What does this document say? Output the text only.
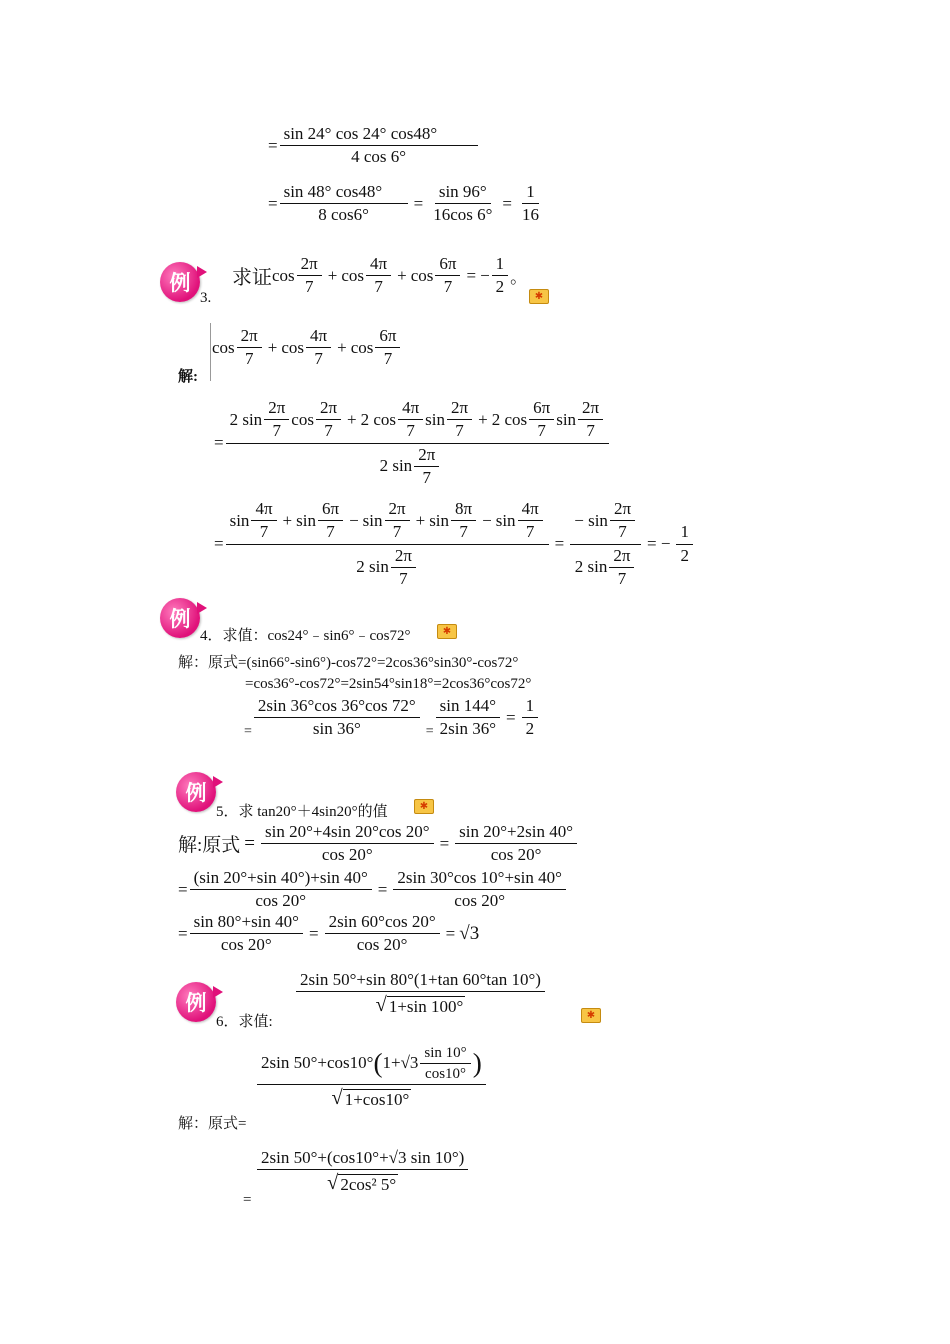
= $\frac{\sin 24^\circ \cos 24^\circ \cos 48^\circ}{4 \cos 6^\circ}$
= $\frac{\sin 48^\circ \cos 48^\circ}{8 \cos 6^\circ} = \frac{\sin 96^\circ}{16\cos 6^\circ} = \frac{1}{16}$
例
3.
求证 $\cos \frac{2\pi}{7} + \cos \frac{4\pi}{7} + \cos \frac{6\pi}{7}$ = − $\frac{1}{2}$ 。
✱
解:
$\cos \frac{2\pi}{7} + \cos \frac{4\pi}{7} + \cos \frac{6\pi}{7}$
=
2 $\sin \frac{2\pi}{7}$ $\cos \frac{2\pi}{7} + 2$ $\cos \frac{4\pi}{7}$ $\sin \frac{2\pi}{7} + 2$ $\cos \frac{6\pi}{7}$ $\sin \frac{2\pi}{7}$
2 $\sin \frac{2\pi}{7}$
=
$\sin \frac{4\pi}{7} + \sin \frac{6\pi}{7} - \sin \frac{2\pi}{7} + \sin \frac{8\pi}{7} - \sin \frac{4\pi}{7}$
2 $\sin \frac{2\pi}{7}$
= −
$\sin \frac{2\pi}{7}$
2 $\sin \frac{2\pi}{7}$ = − $\frac{1}{2}$
例
4．求值：cos24°﹣sin6°﹣cos72°	✱
解：原式=(sin66°-sin6°)-cos72°=2cos36°sin30°-cos72°
=cos36°-cos72°=2sin54°sin18°=2cos36°cos72°
= $\frac{2\sin 36^\circ\cos 36^\circ\cos 72^\circ}{\sin 36^\circ} = \frac{\sin 144^\circ}{2\sin 36^\circ} = \frac{1}{2}$
例
5．求 tan20°＋4sin20°的值	✱
解:原式 = $\frac{\sin 20^\circ+4\sin 20^\circ\cos 20^\circ}{\cos 20^\circ} = \frac{\sin 20^\circ+2\sin 40^\circ}{\cos 20^\circ}$
= $\frac{(\sin 20^\circ+\sin 40^\circ)+\sin 40^\circ}{\cos 20^\circ} = \frac{2\sin 30^\circ\cos 10^\circ+\sin 40^\circ}{\cos 20^\circ}$
= $\frac{\sin 80^\circ+\sin 40^\circ}{\cos 20^\circ} = \frac{2\sin 60^\circ\cos 20^\circ}{\cos 20^\circ} = √3$
例
6．求值:
$\frac{2\sin 50^\circ+\sin 80^\circ(1+\tan 60^\circ\tan 10^\circ)}{√ 1+\sin 100^\circ}$	✱
解：原式=
2sin 50°+cos10° ( $1+√3 \frac{\sin 10^\circ}{\cos 10^\circ}$ )
√ 1+cos10°
=
$\frac{2\sin 50^\circ+(\cos 10^\circ+√3 \sin 10^\circ)}{\text{√ 2cos² 5°}}$
